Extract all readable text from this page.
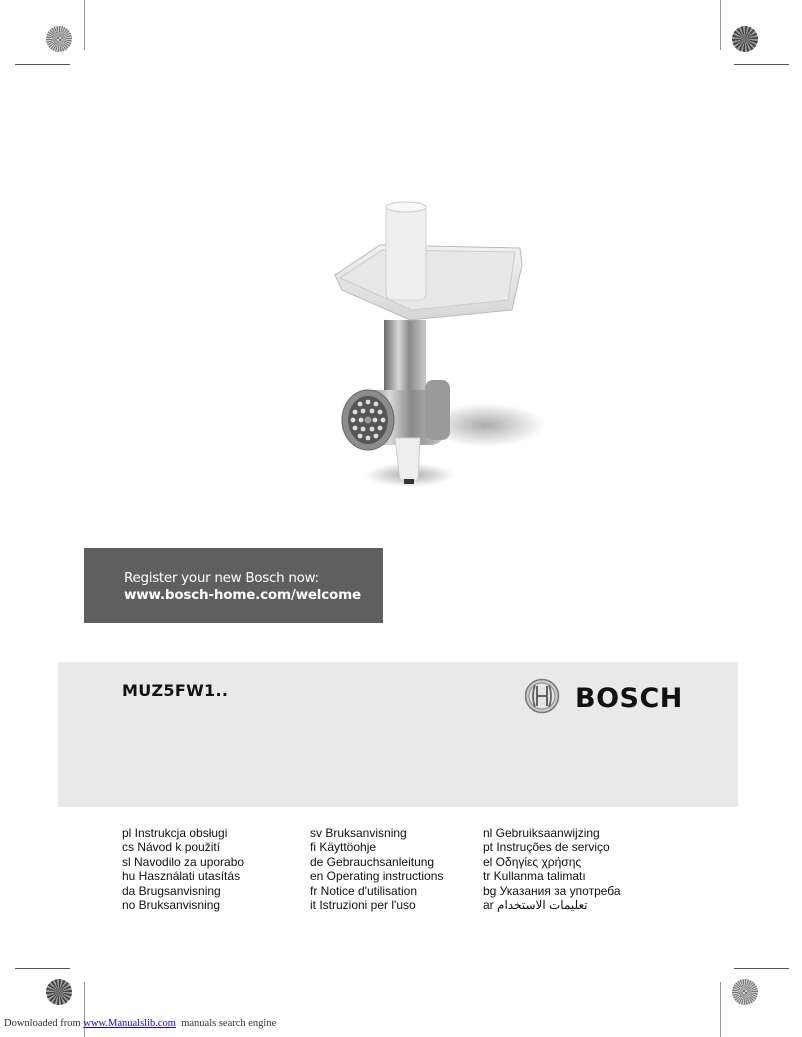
Register your new Bosch now:
www.bosch-home.com/welcome
MUZ5FW1..	BOSCH
pl Instrukcja obsługi
cs Návod k použití
sl Navodilo za uporabo
hu Használati utasítás
da Brugsanvisning
no Bruksanvisning
sv Bruksanvisning
fi Käyttöohje
de Gebrauchsanleitung
en Operating instructions
fr Notice d'utilisation
it Istruzioni per l'uso
nl Gebruiksaanwijzing
pt Instruções de serviço
el Οδηγίες χρήσης
tr Kullanma talimatı
bg Указания за употреба
ar تعليمات الاستخدام
Downloaded from www.Manualslib.com  manuals search engine
